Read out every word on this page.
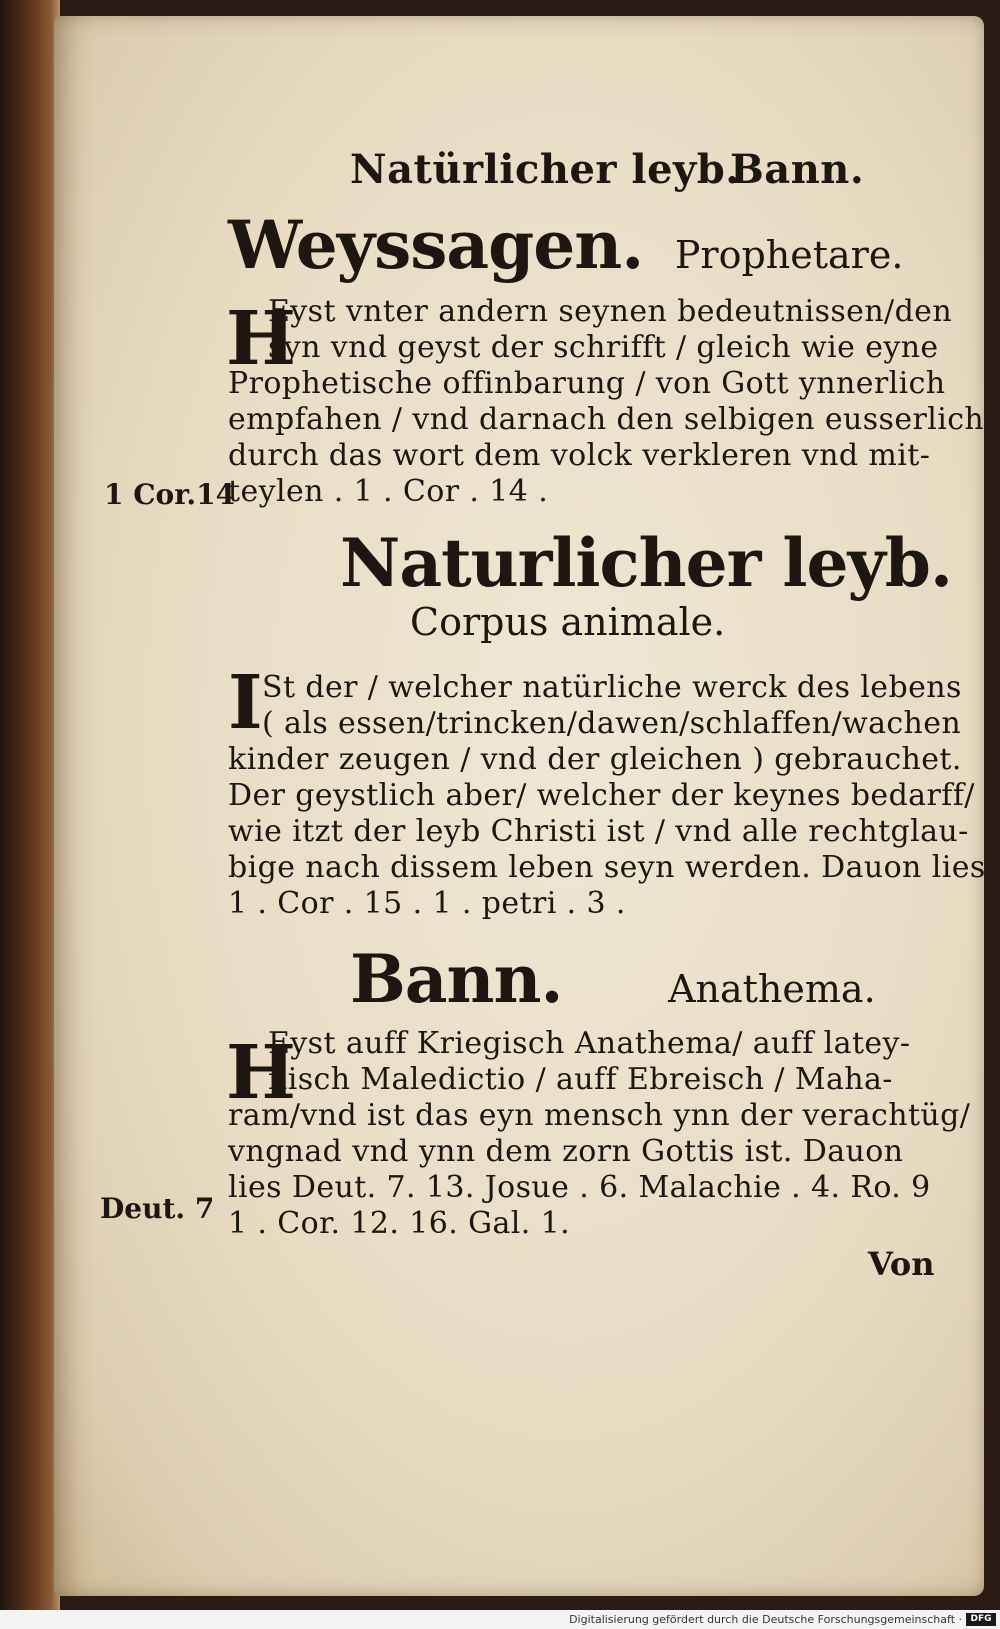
Natürlicher leyb.
Bann.
Weyssagen. Prophetare.
H
Eyst vnter andern seynen bedeutnissen/den
syn vnd geyst der schrifft / gleich wie eyne
Prophetische offinbarung / von Gott ynnerlich
empfahen / vnd darnach den selbigen eusserlich
durch das wort dem volck verkleren vnd mit-
teylen . 1 . Cor . 14 .
1 Cor.14
Naturlicher leyb.
Corpus animale.
I St der / welcher natürliche werck des lebens
( als essen/trincken/dawen/schlaffen/wachen
kinder zeugen / vnd der gleichen ) gebrauchet.
Der geystlich aber/ welcher der keynes bedarff/
wie itzt der leyb Christi ist / vnd alle rechtglau-
bige nach dissem leben seyn werden. Dauon lies
1 . Cor . 15 . 1 . petri . 3 .
Bann.	Anathema.
H
Eyst auff Kriegisch Anathema/ auff latey-
nisch Maledictio / auff Ebreisch / Maha-
ram/vnd ist das eyn mensch ynn der verachtüg/
vngnad vnd ynn dem zorn Gottis ist. Dauon
lies Deut. 7. 13. Josue . 6. Malachie . 4. Ro. 9
1 . Cor. 12. 16. Gal. 1.
Deut. 7
Von
Digitalisierung gefördert durch die Deutsche Forschungsgemeinschaft · DFG
